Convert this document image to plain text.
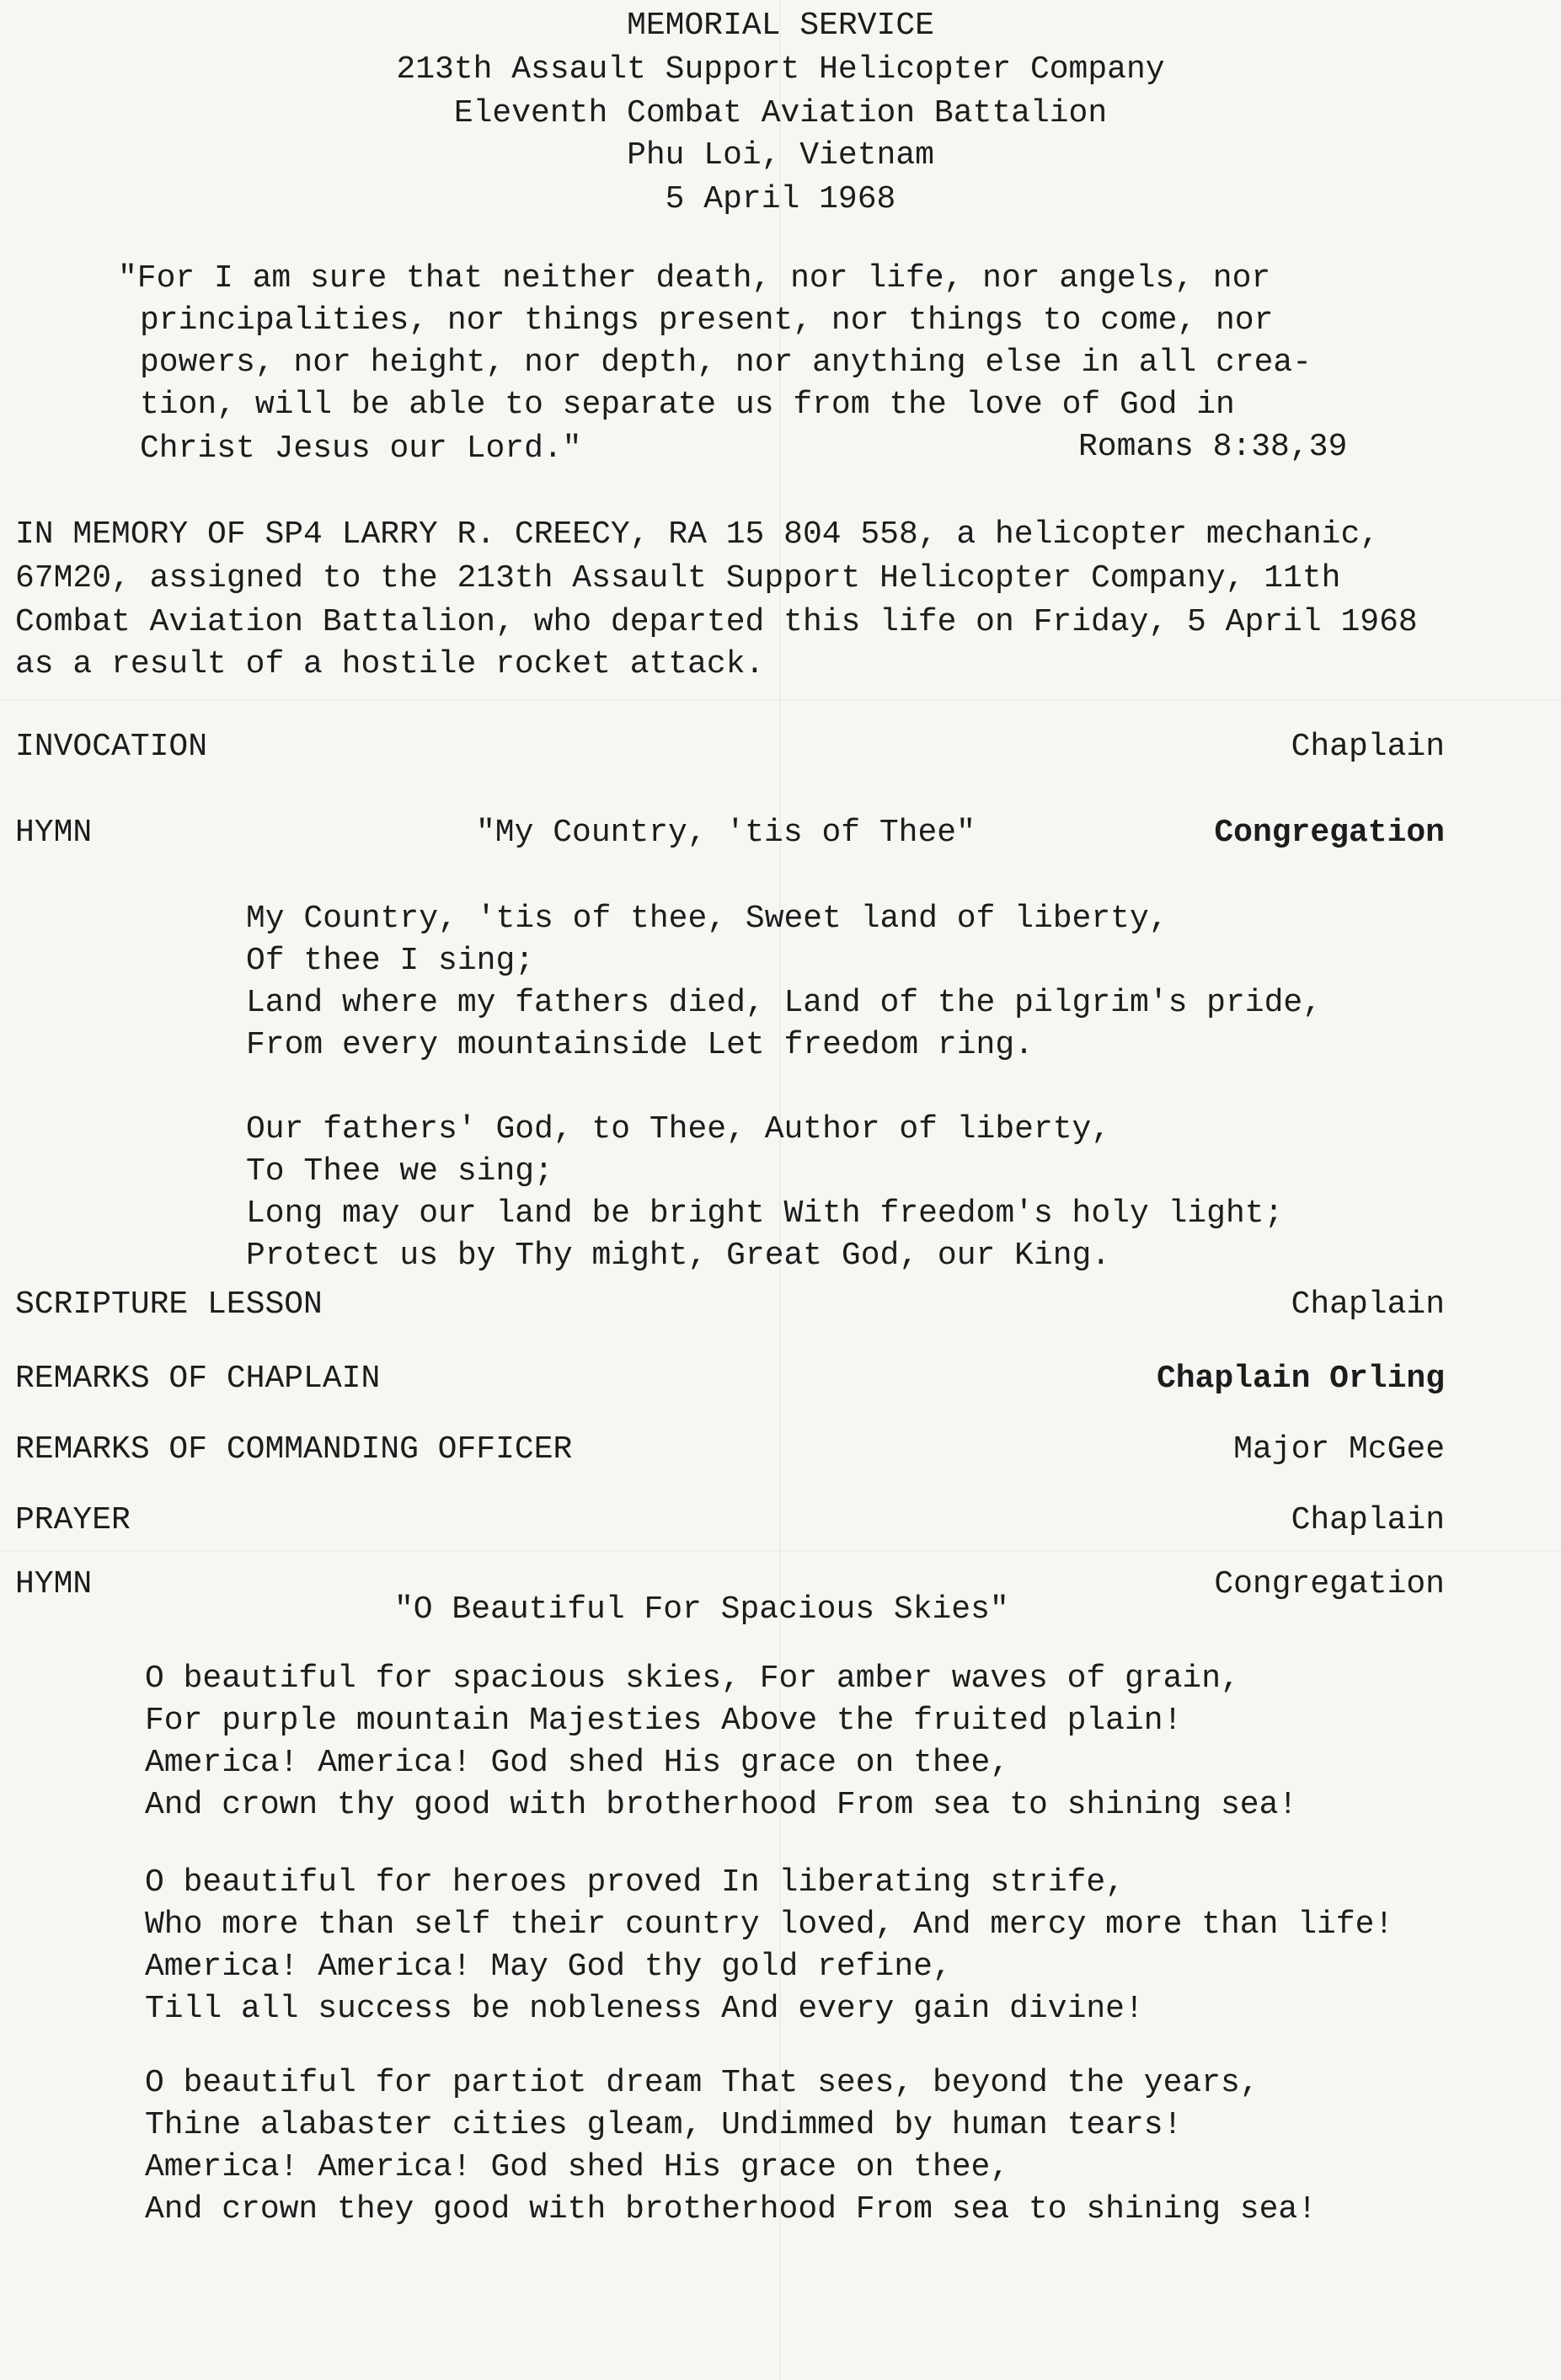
MEMORIAL SERVICE

213th Assault Support Helicopter Company

Eleventh Combat Aviation Battalion

Phu Loi, Vietnam

5 April 1968

"For I am sure that neither death, nor life, nor angels, nor

principalities, nor things present, nor things to come, nor

powers, nor height, nor depth, nor anything else in all crea-

tion, will be able to separate us from the love of God in

Christ Jesus our Lord."	Romans 8:38,39

IN MEMORY OF SP4 LARRY R. CREECY, RA 15 804 558, a helicopter mechanic,

67M20, assigned to the 213th Assault Support Helicopter Company, 11th

Combat Aviation Battalion, who departed this life on Friday, 5 April 1968

as a result of a hostile rocket attack.

INVOCATION	Chaplain

HYMN	"My Country, 'tis of Thee"	Congregation

My Country, 'tis of thee, Sweet land of liberty,

Of thee I sing;

Land where my fathers died, Land of the pilgrim's pride,

From every mountainside Let freedom ring.

Our fathers' God, to Thee, Author of liberty,

To Thee we sing;

Long may our land be bright With freedom's holy light;

Protect us by Thy might, Great God, our King.

SCRIPTURE LESSON	Chaplain

REMARKS OF CHAPLAIN	Chaplain Orling

REMARKS OF COMMANDING OFFICER	Major McGee

PRAYER	Chaplain

HYMN	Congregation

"O Beautiful For Spacious Skies"

O beautiful for spacious skies, For amber waves of grain,

For purple mountain Majesties Above the fruited plain!

America! America! God shed His grace on thee,

And crown thy good with brotherhood From sea to shining sea!

O beautiful for heroes proved In liberating strife,

Who more than self their country loved, And mercy more than life!

America! America! May God thy gold refine,

Till all success be nobleness And every gain divine!

O beautiful for partiot dream That sees, beyond the years,

Thine alabaster cities gleam, Undimmed by human tears!

America! America! God shed His grace on thee,

And crown they good with brotherhood From sea to shining sea!
